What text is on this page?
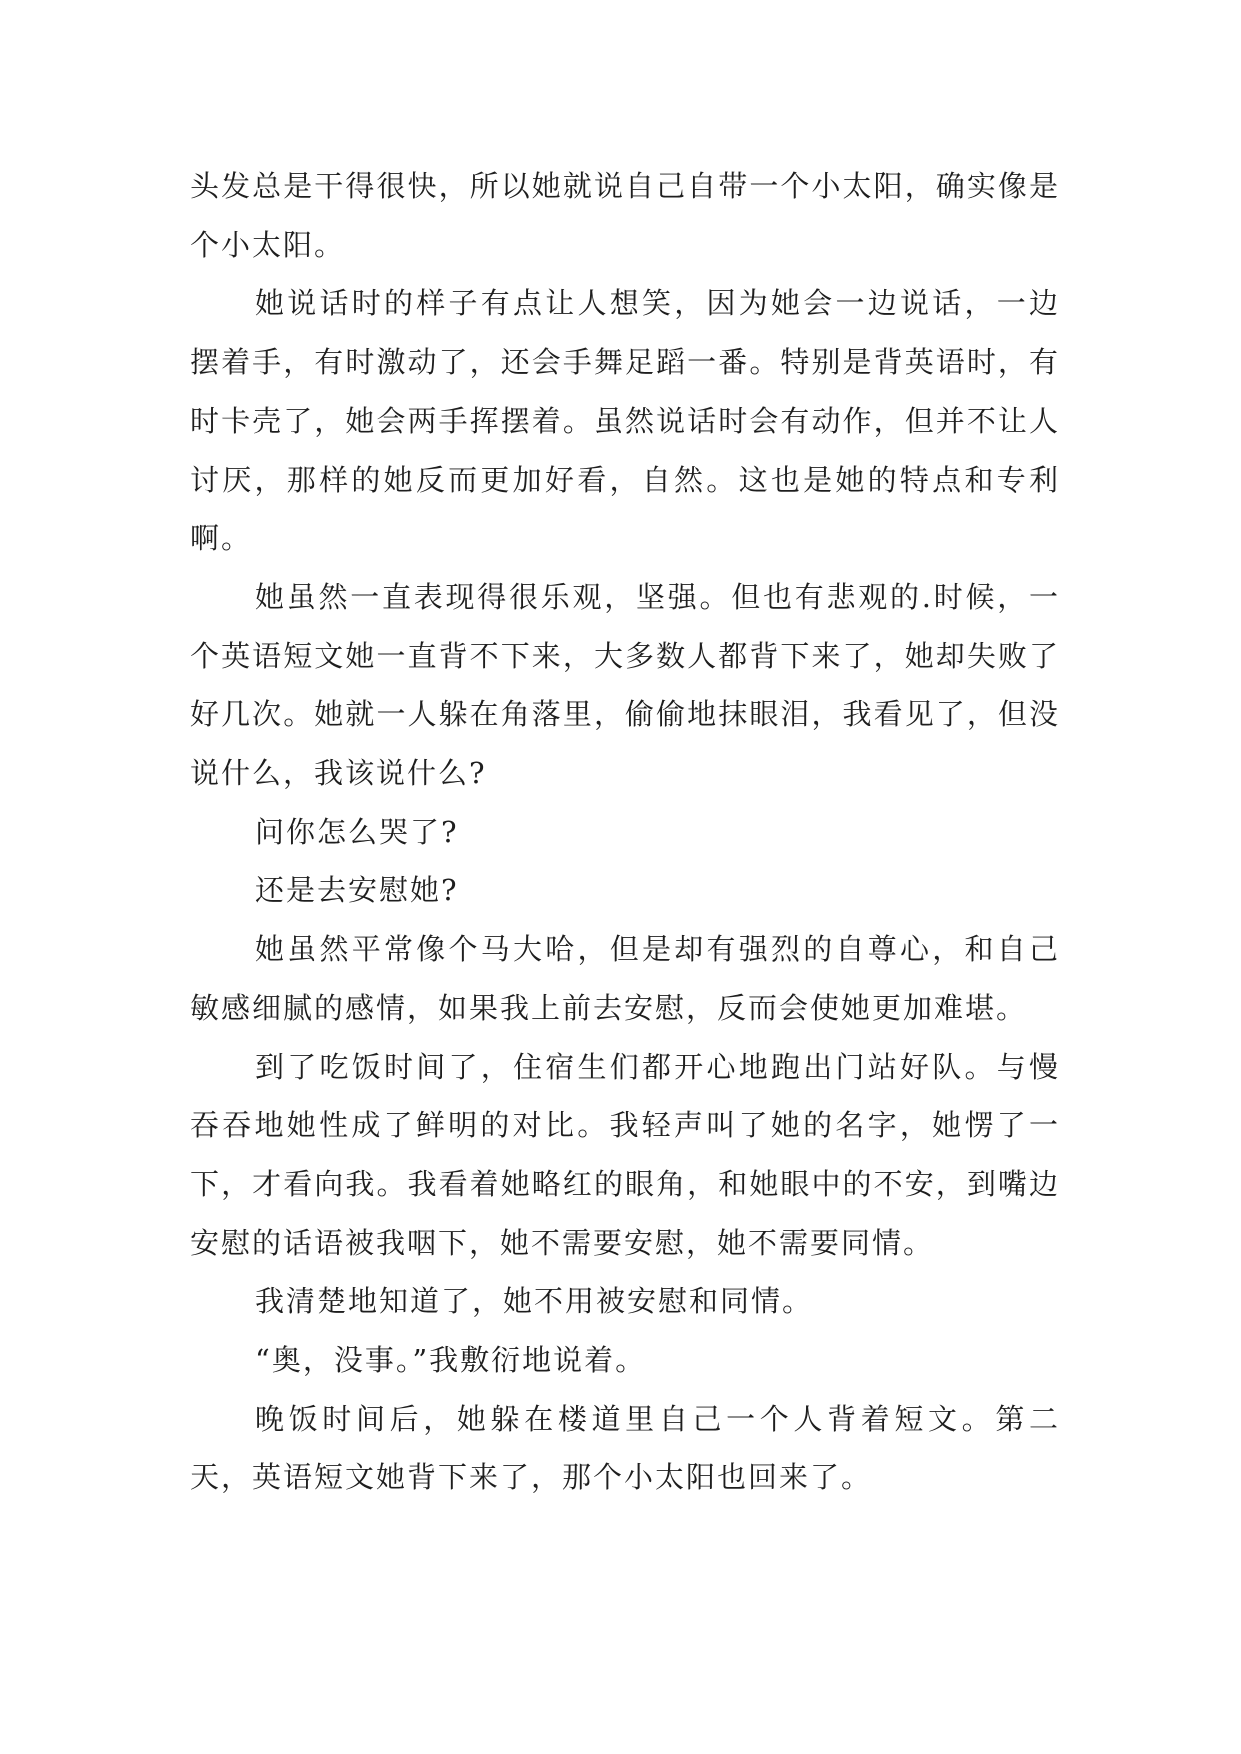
头发总是干得很快，所以她就说自己自带一个小太阳，确实像是个小太阳。

她说话时的样子有点让人想笑，因为她会一边说话，一边摆着手，有时激动了，还会手舞足蹈一番。特别是背英语时，有时卡壳了，她会两手挥摆着。虽然说话时会有动作，但并不让人讨厌，那样的她反而更加好看，自然。这也是她的特点和专利啊。

她虽然一直表现得很乐观，坚强。但也有悲观的.时候，一个英语短文她一直背不下来，大多数人都背下来了，她却失败了好几次。她就一人躲在角落里，偷偷地抹眼泪，我看见了，但没说什么，我该说什么?

问你怎么哭了?

还是去安慰她?

她虽然平常像个马大哈，但是却有强烈的自尊心，和自己敏感细腻的感情，如果我上前去安慰，反而会使她更加难堪。

到了吃饭时间了，住宿生们都开心地跑出门站好队。与慢吞吞地她性成了鲜明的对比。我轻声叫了她的名字，她愣了一下，才看向我。我看着她略红的眼角，和她眼中的不安，到嘴边安慰的话语被我咽下，她不需要安慰，她不需要同情。

我清楚地知道了，她不用被安慰和同情。

“奥，没事。”我敷衍地说着。

晚饭时间后，她躲在楼道里自己一个人背着短文。第二天，英语短文她背下来了，那个小太阳也回来了。
